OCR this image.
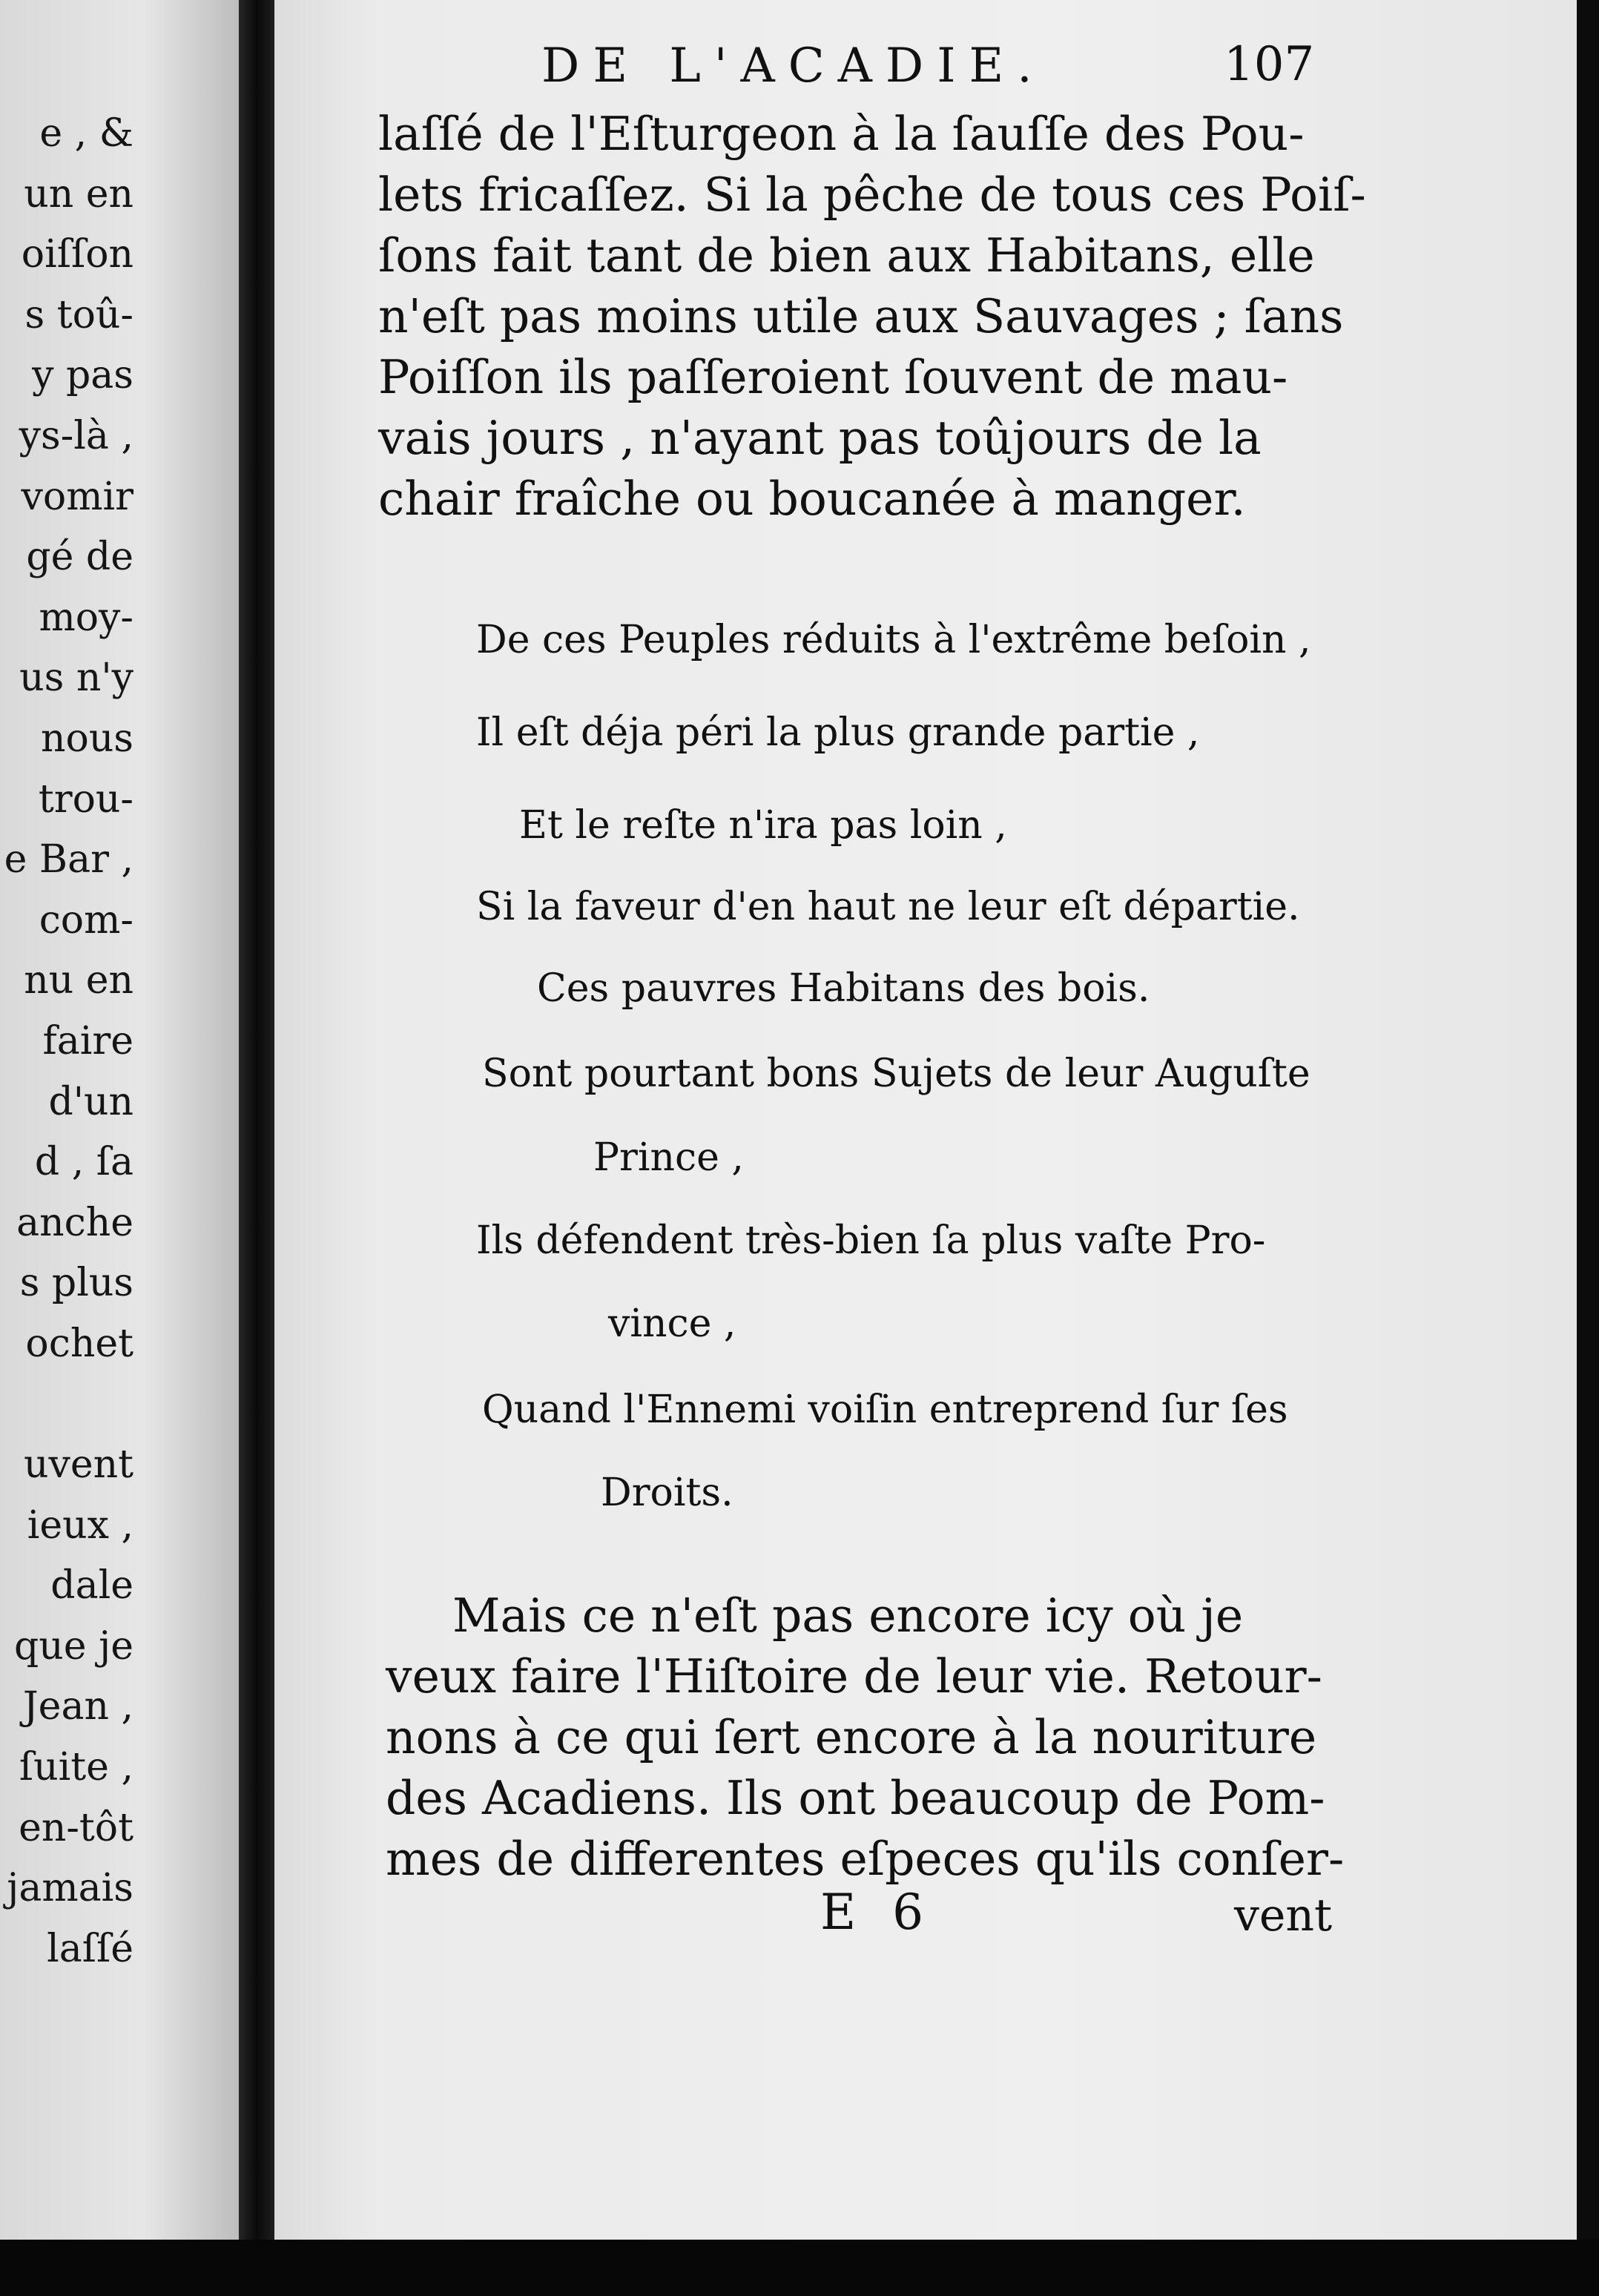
e , &
un en
oiſſon
s toû-
y pas
ys-là ,
vomir
gé de
moy-
us n'y
nous
trou-
e Bar ,
com-
nu en
faire
d'un
d , ſa
anche
s plus
ochet
uvent
ieux ,
dale
que je
Jean ,
ſuite ,
en-tôt
jamais
laſſé
DE L'ACADIE.	107
laſſé de l'Eſturgeon à la ſauſſe des Pou-
lets fricaſſez. Si la pêche de tous ces Poiſ-
ſons fait tant de bien aux Habitans, elle
n'eſt pas moins utile aux Sauvages ; ſans
Poiſſon ils paſſeroient ſouvent de mau-
vais jours , n'ayant pas toûjours de la
chair fraîche ou boucanée à manger.
De ces Peuples réduits à l'extrême beſoin ,
Il eſt déja péri la plus grande partie ,
Et le reſte n'ira pas loin ,
Si la faveur d'en haut ne leur eſt départie.
Ces pauvres Habitans des bois.
Sont pourtant bons Sujets de leur Auguſte
Prince ,
Ils défendent très-bien ſa plus vaſte Pro-
vince ,
Quand l'Ennemi voiſin entreprend ſur ſes
Droits.
Mais ce n'eſt pas encore icy où je
veux faire l'Hiſtoire de leur vie. Retour-
nons à ce qui ſert encore à la nouriture
des Acadiens. Ils ont beaucoup de Pom-
mes de differentes eſpeces qu'ils conſer-
E 6	vent
